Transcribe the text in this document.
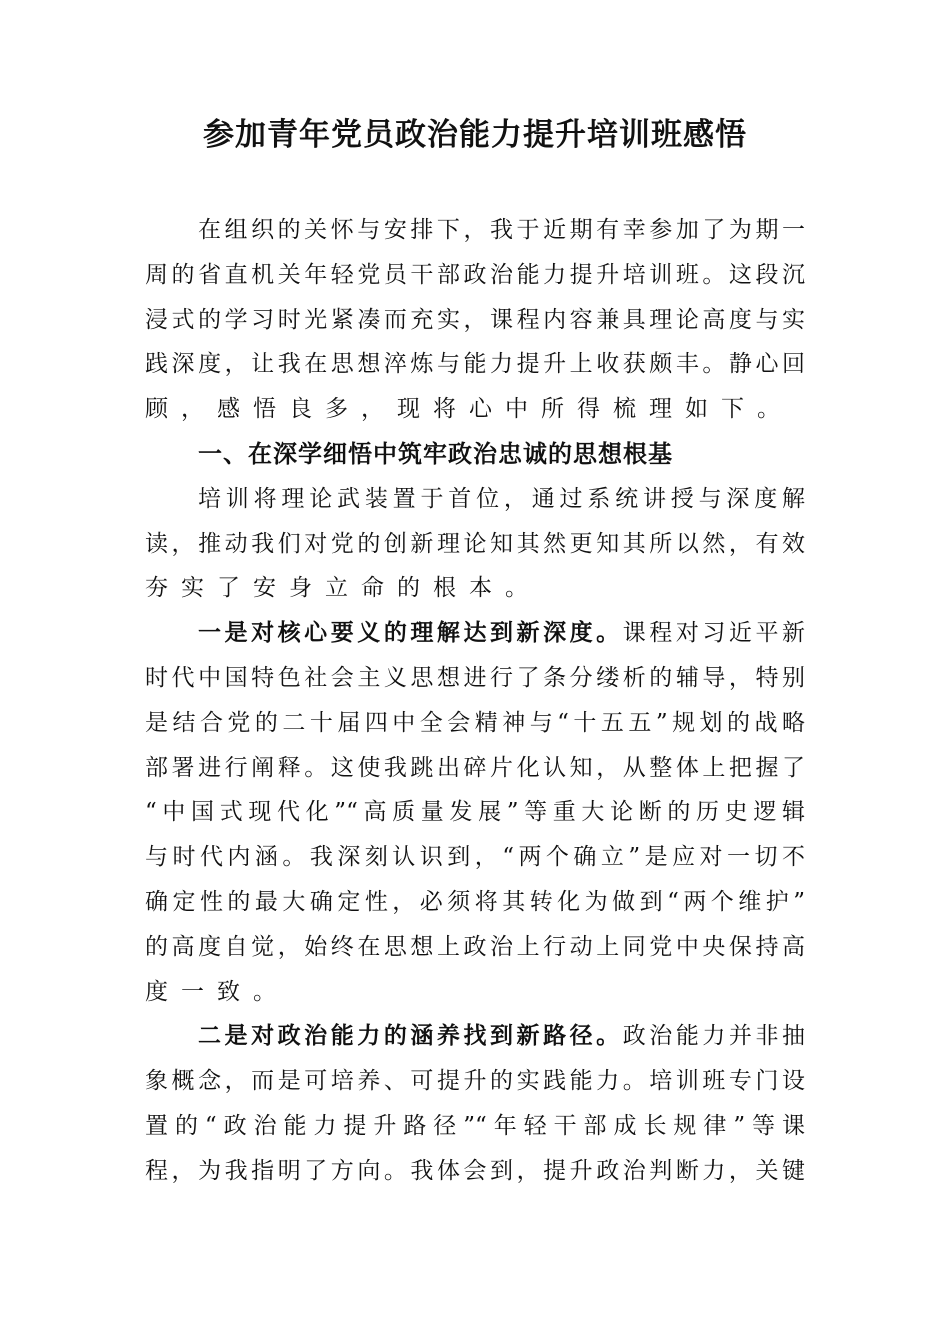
参加青年党员政治能力提升培训班感悟
在组织的关怀与安排下，我于近期有幸参加了为期一
周的省直机关年轻党员干部政治能力提升培训班。这段沉
浸式的学习时光紧凑而充实，课程内容兼具理论高度与实
践深度，让我在思想淬炼与能力提升上收获颇丰。静心回
顾，感悟良多，现将心中所得梳理如下。
一、在深学细悟中筑牢政治忠诚的思想根基
培训将理论武装置于首位，通过系统讲授与深度解
读，推动我们对党的创新理论知其然更知其所以然，有效
夯实了安身立命的根本。
一是对核心要义的理解达到新深度。课程对习近平新
时代中国特色社会主义思想进行了条分缕析的辅导，特别
是结合党的二十届四中全会精神与“十五五”规划的战略
部署进行阐释。这使我跳出碎片化认知，从整体上把握了
“中国式现代化”“高质量发展”等重大论断的历史逻辑
与时代内涵。我深刻认识到，“两个确立”是应对一切不
确定性的最大确定性，必须将其转化为做到“两个维护”
的高度自觉，始终在思想上政治上行动上同党中央保持高
度一致。
二是对政治能力的涵养找到新路径。政治能力并非抽
象概念，而是可培养、可提升的实践能力。培训班专门设
置的“政治能力提升路径”“年轻干部成长规律”等课
程，为我指明了方向。我体会到，提升政治判断力，关键
